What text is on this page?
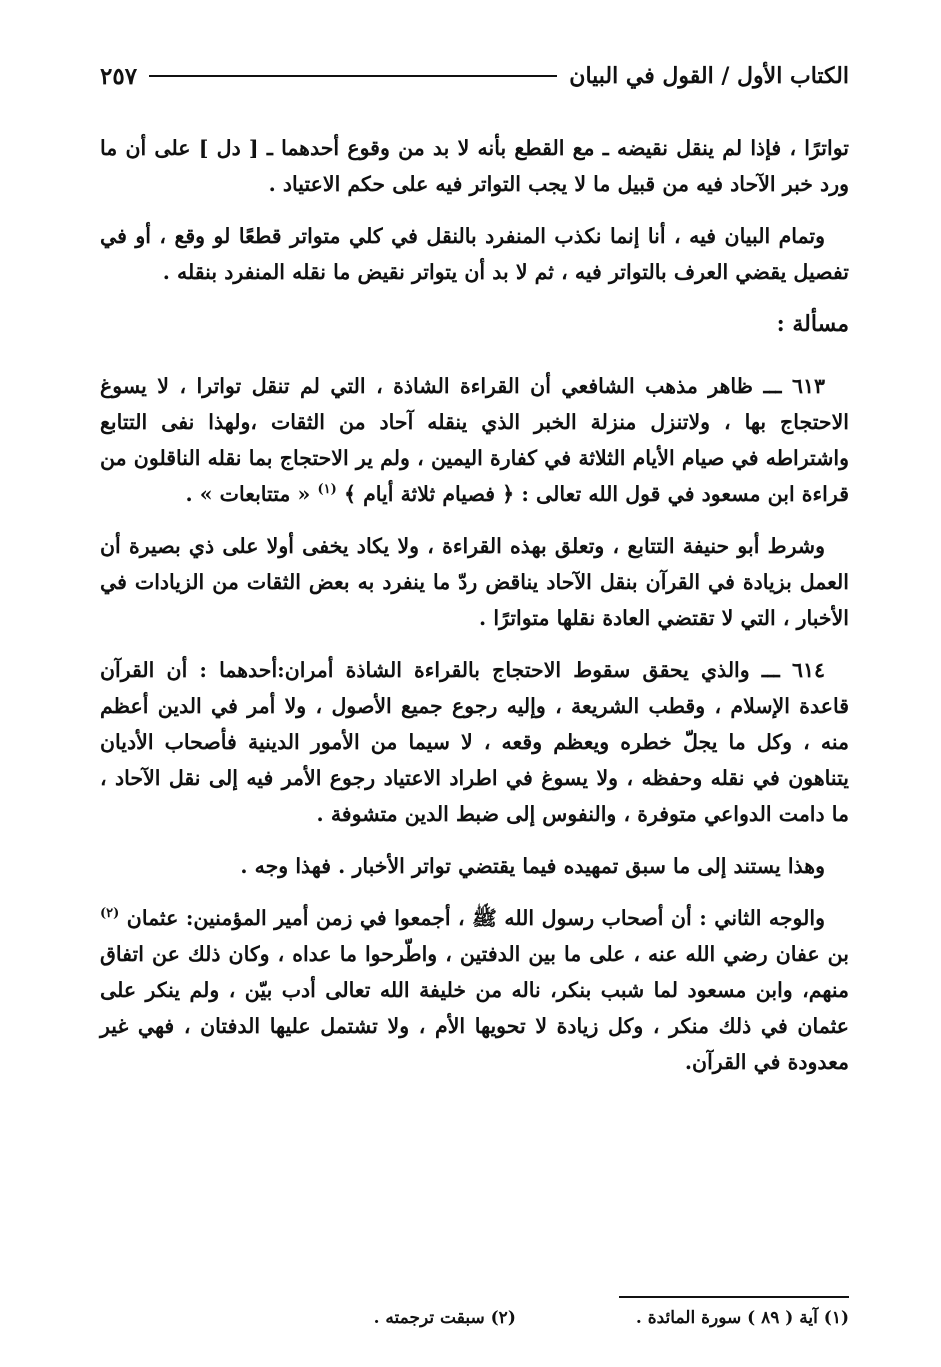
الكتاب الأول / القول في البيان
٢٥٧

تواترًا ، فإذا لم ينقل نقيضه ـ مع القطع بأنه لا بد من وقوع أحدهما ـ [ دل ] على أن ما ورد خبر الآحاد فيه من قبيل ما لا يجب التواتر فيه على حكم الاعتياد .

وتمام البيان فيه ، أنا إنما نكذب المنفرد بالنقل في كلي متواتر قطعًا لو وقع ، أو في تفصيل يقضي العرف بالتواتر فيه ، ثم لا بد أن يتواتر نقيض ما نقله المنفرد بنقله .

مسألة :

٦١٣ ـــ ظاهر مذهب الشافعي أن القراءة الشاذة ، التي لم تنقل تواترا ، لا يسوغ الاحتجاج بها ، ولاتنزل منزلة الخبر الذي ينقله آحاد من الثقات ،ولهذا نفى التتابع واشتراطه في صيام الأيام الثلاثة في كفارة اليمين ، ولم ير الاحتجاج بما نقله الناقلون من قراءة ابن مسعود في قول الله تعالى : ﴿ فصيام ثلاثة أيام ﴾ $^{(١)}$ « متتابعات » .

وشرط أبو حنيفة التتابع ، وتعلق بهذه القراءة ، ولا يكاد يخفى أولا على ذي بصيرة أن العمل بزيادة في القرآن بنقل الآحاد يناقض ردّ ما ينفرد به بعض الثقات من الزيادات في الأخبار ، التي لا تقتضي العادة نقلها متواترًا .

٦١٤ ـــ والذي يحقق سقوط الاحتجاج بالقراءة الشاذة أمران:أحدهما : أن القرآن قاعدة الإسلام ، وقطب الشريعة ، وإليه رجوع جميع الأصول ، ولا أمر في الدين أعظم منه ، وكل ما يجلّ خطره ويعظم وقعه ، لا سيما من الأمور الدينية فأصحاب الأديان يتناهون في نقله وحفظه ، ولا يسوغ في اطراد الاعتياد رجوع الأمر فيه إلى نقل الآحاد ، ما دامت الدواعي متوفرة ، والنفوس إلى ضبط الدين متشوفة .

وهذا يستند إلى ما سبق تمهيده فيما يقتضي تواتر الأخبار . فهذا وجه .

والوجه الثاني : أن أصحاب رسول الله ﷺ ، أجمعوا في زمن أمير المؤمنين: عثمان $^{(٢)}$ بن عفان رضي الله عنه ، على ما بين الدفتين ، واطّرحوا ما عداه ، وكان ذلك عن اتفاق منهم، وابن مسعود لما شبب بنكر، ناله من خليفة الله تعالى أدب بيّن ، ولم ينكر على عثمان في ذلك منكر ، وكل زيادة لا تحويها الأم ، ولا تشتمل عليها الدفتان ، فهي غير معدودة في القرآن.

(١) آية ( ٨٩ ) سورة المائدة .
(٢) سبقت ترجمته .
